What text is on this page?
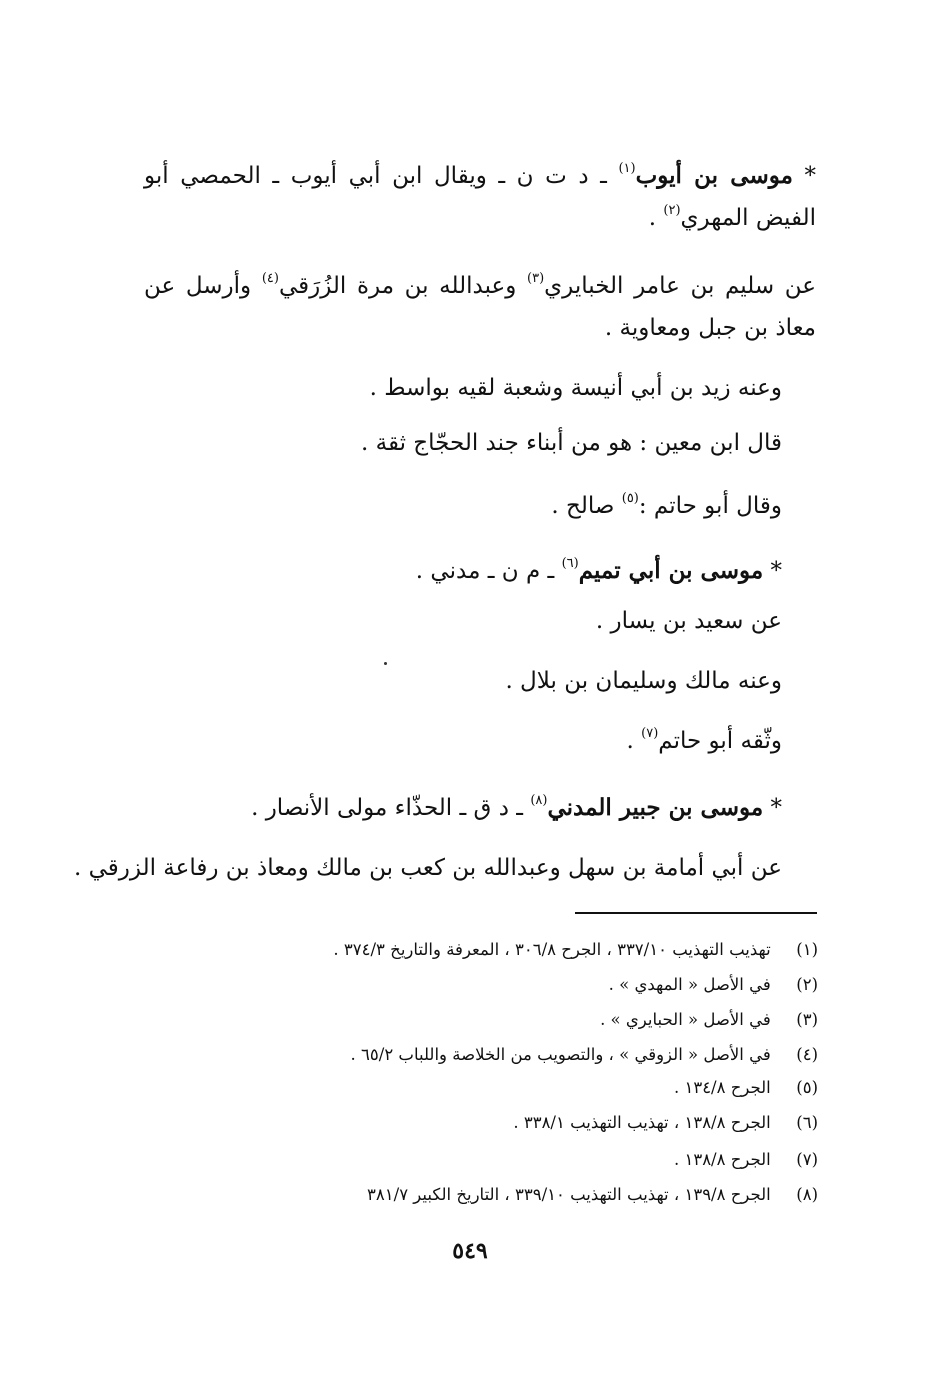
* موسى بن أيوب$^{(١)}$ ـ د ت ن ـ ويقال ابن أبي أيوب ـ الحمصي أبو
الفيض المهري$^{(٢)}$ .
عن سليم بن عامر الخبايري$^{(٣)}$ وعبدالله بن مرة الزُرَقي$^{(٤)}$ وأرسل عن
معاذ بن جبل ومعاوية .
وعنه زيد بن أبي أنيسة وشعبة لقيه بواسط .
قال ابن معين : هو من أبناء جند الحجّاج ثقة .
وقال أبو حاتم :$^{(٥)}$ صالح .
* موسى بن أبي تميم$^{(٦)}$ ـ م ن ـ مدني .
عن سعيد بن يسار .
وعنه مالك وسليمان بن بلال .
وثّقه أبو حاتم$^{(٧)}$ .
* موسى بن جبير المدني$^{(٨)}$ ـ د ق ـ الحذّاء مولى الأنصار .
عن أبي أمامة بن سهل وعبدالله بن كعب بن مالك ومعاذ بن رفاعة الزرقي .
(١) تهذيب التهذيب ٣٣٧/١٠ ، الجرح ٣٠٦/٨ ، المعرفة والتاريخ ٣٧٤/٣ .
(٢) في الأصل « المهدي » .
(٣) في الأصل « الحبايري » .
(٤) في الأصل « الزوقي » ، والتصويب من الخلاصة واللباب ٦٥/٢ .
(٥) الجرح ١٣٤/٨ .
(٦) الجرح ١٣٨/٨ ، تهذيب التهذيب ٣٣٨/١ .
(٧) الجرح ١٣٨/٨ .
(٨) الجرح ١٣٩/٨ ، تهذيب التهذيب ٣٣٩/١٠ ، التاريخ الكبير ٣٨١/٧
٥٤٩
